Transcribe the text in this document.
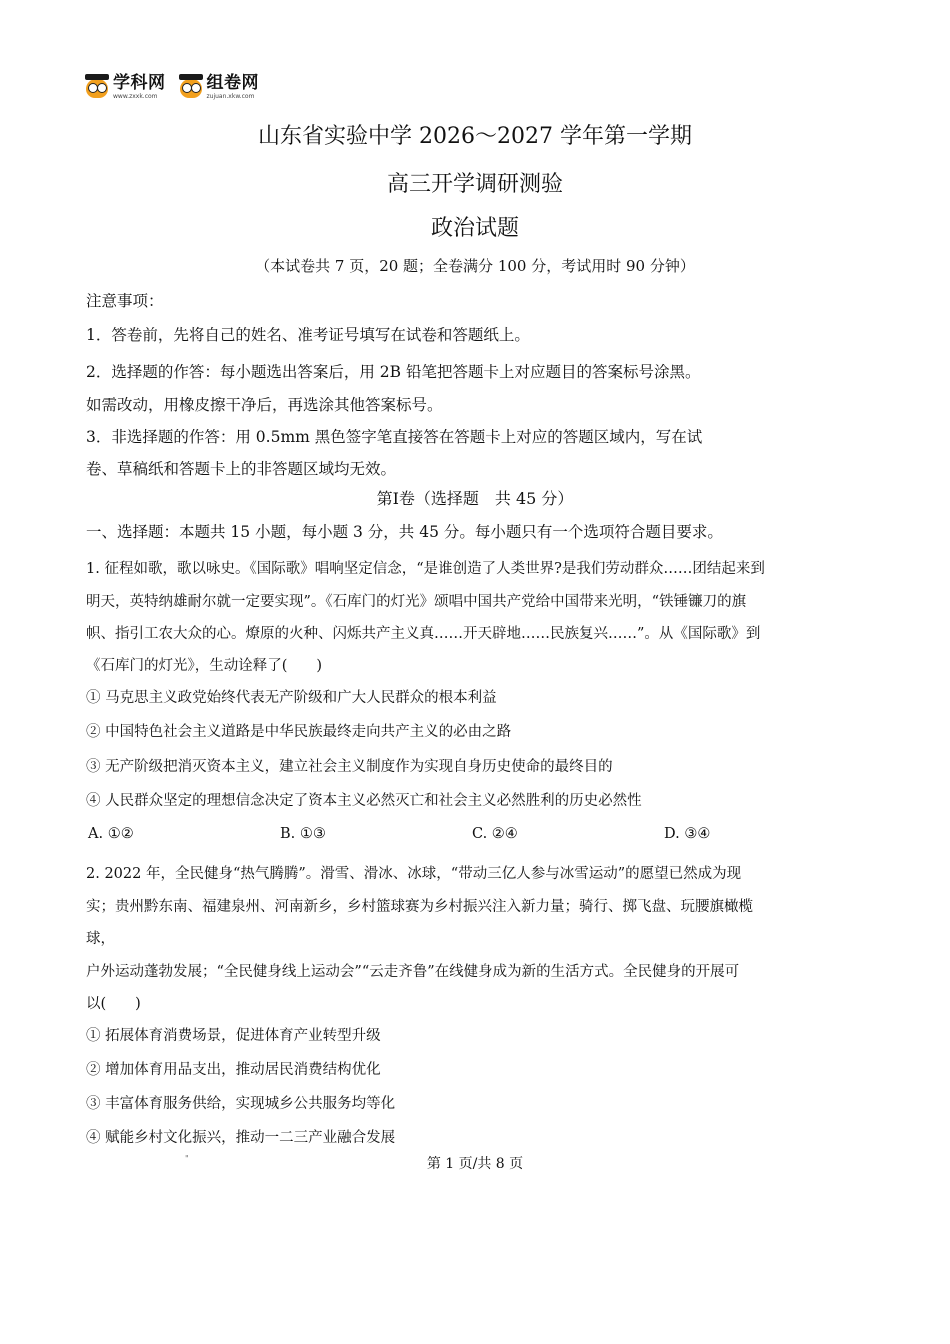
学科网
www.zxxk.com
组卷网
zujuan.xkw.com
山东省实验中学 2026～2027 学年第一学期
高三开学调研测验
政治试题
（本试卷共 7 页，20 题；全卷满分 100 分，考试用时 90 分钟）
注意事项：
1．答卷前，先将自己的姓名、准考证号填写在试卷和答题纸上。
2．选择题的作答：每小题选出答案后，用 2B 铅笔把答题卡上对应题目的答案标号涂黑。
如需改动，用橡皮擦干净后，再选涂其他答案标号。
3．非选择题的作答：用 0.5mm 黑色签字笔直接答在答题卡上对应的答题区域内，写在试
卷、草稿纸和答题卡上的非答题区域均无效。
第Ⅰ卷（选择题　共 45 分）
一、选择题：本题共 15 小题，每小题 3 分，共 45 分。每小题只有一个选项符合题目要求。
1. 征程如歌，歌以咏史。《国际歌》唱响坚定信念，“是谁创造了人类世界?是我们劳动群众……团结起来到
明天，英特纳雄耐尔就一定要实现”。《石库门的灯光》颂唱中国共产党给中国带来光明，“铁锤镰刀的旗
帜、指引工农大众的心。燎原的火种、闪烁共产主义真……开天辟地……民族复兴……”。从《国际歌》到
《石库门的灯光》，生动诠释了(　　)
① 马克思主义政党始终代表无产阶级和广大人民群众的根本利益
② 中国特色社会主义道路是中华民族最终走向共产主义的必由之路
③ 无产阶级把消灭资本主义，建立社会主义制度作为实现自身历史使命的最终目的
④ 人民群众坚定的理想信念决定了资本主义必然灭亡和社会主义必然胜利的历史必然性
A. ①②	B. ①③	C. ②④	D. ③④
2. 2022 年，全民健身“热气腾腾”。滑雪、滑冰、冰球，“带动三亿人参与冰雪运动”的愿望已然成为现
实；贵州黔东南、福建泉州、河南新乡，乡村篮球赛为乡村振兴注入新力量；骑行、掷飞盘、玩腰旗橄榄
球，
户外运动蓬勃发展；“全民健身线上运动会”“云走齐鲁”在线健身成为新的生活方式。全民健身的开展可
以(　　)
① 拓展体育消费场景，促进体育产业转型升级
② 增加体育用品支出，推动居民消费结构优化
③ 丰富体育服务供给，实现城乡公共服务均等化
④ 赋能乡村文化振兴，推动一二三产业融合发展
"	第 1 页/共 8 页
